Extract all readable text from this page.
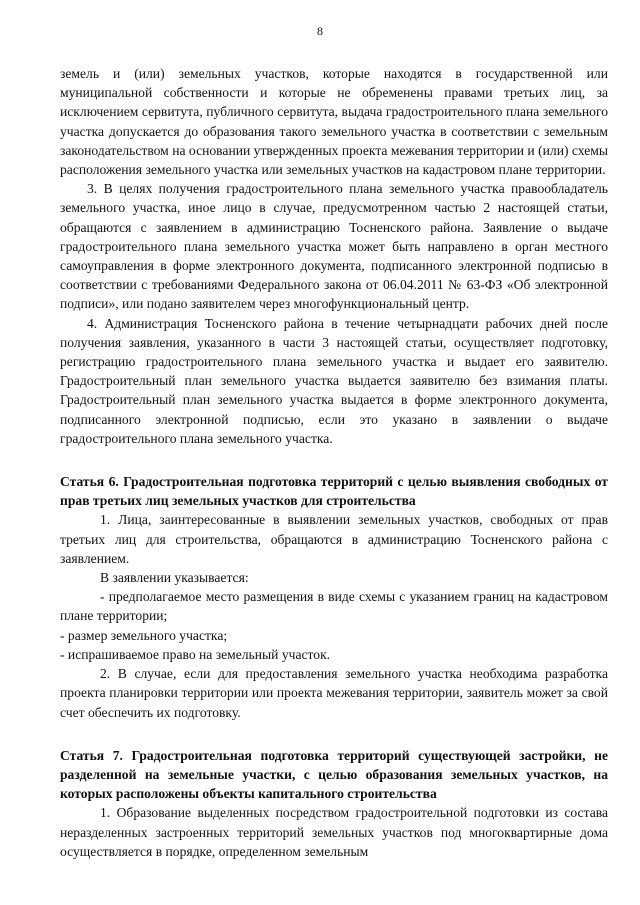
8

земель и (или) земельных участков, которые находятся в государственной или муниципальной собственности и которые не обременены правами третьих лиц, за исключением сервитута, публичного сервитута, выдача градостроительного плана земельного участка допускается до образования такого земельного участка в соответствии с земельным законодательством на основании утвержденных проекта межевания территории и (или) схемы расположения земельного участка или земельных участков на кадастровом плане территории.

3. В целях получения градостроительного плана земельного участка правообладатель земельного участка, иное лицо в случае, предусмотренном частью 2 настоящей статьи, обращаются с заявлением в администрацию Тосненского района. Заявление о выдаче градостроительного плана земельного участка может быть направлено в орган местного самоуправления в форме электронного документа, подписанного электронной подписью в соответствии с требованиями Федерального закона от 06.04.2011 № 63-ФЗ «Об электронной подписи», или подано заявителем через многофункциональный центр.

4. Администрация Тосненского района в течение четырнадцати рабочих дней после получения заявления, указанного в части 3 настоящей статьи, осуществляет подготовку, регистрацию градостроительного плана земельного участка и выдает его заявителю. Градостроительный план земельного участка выдается заявителю без взимания платы. Градостроительный план земельного участка выдается в форме электронного документа, подписанного электронной подписью, если это указано в заявлении о выдаче градостроительного плана земельного участка.

Статья 6. Градостроительная подготовка территорий с целью выявления свободных от прав третьих лиц земельных участков для строительства

1. Лица, заинтересованные в выявлении земельных участков, свободных от прав третьих лиц для строительства, обращаются в администрацию Тосненского района с заявлением.

В заявлении указывается:

- предполагаемое место размещения в виде схемы с указанием границ на кадастровом плане территории;

- размер земельного участка;

- испрашиваемое право на земельный участок.

2. В случае, если для предоставления земельного участка необходима разработка проекта планировки территории или проекта межевания территории, заявитель может за свой счет обеспечить их подготовку.

Статья 7. Градостроительная подготовка территорий существующей застройки, не разделенной на земельные участки, с целью образования земельных участков, на которых расположены объекты капитального строительства

1. Образование выделенных посредством градостроительной подготовки из состава неразделенных застроенных территорий земельных участков под многоквартирные дома осуществляется в порядке, определенном земельным
